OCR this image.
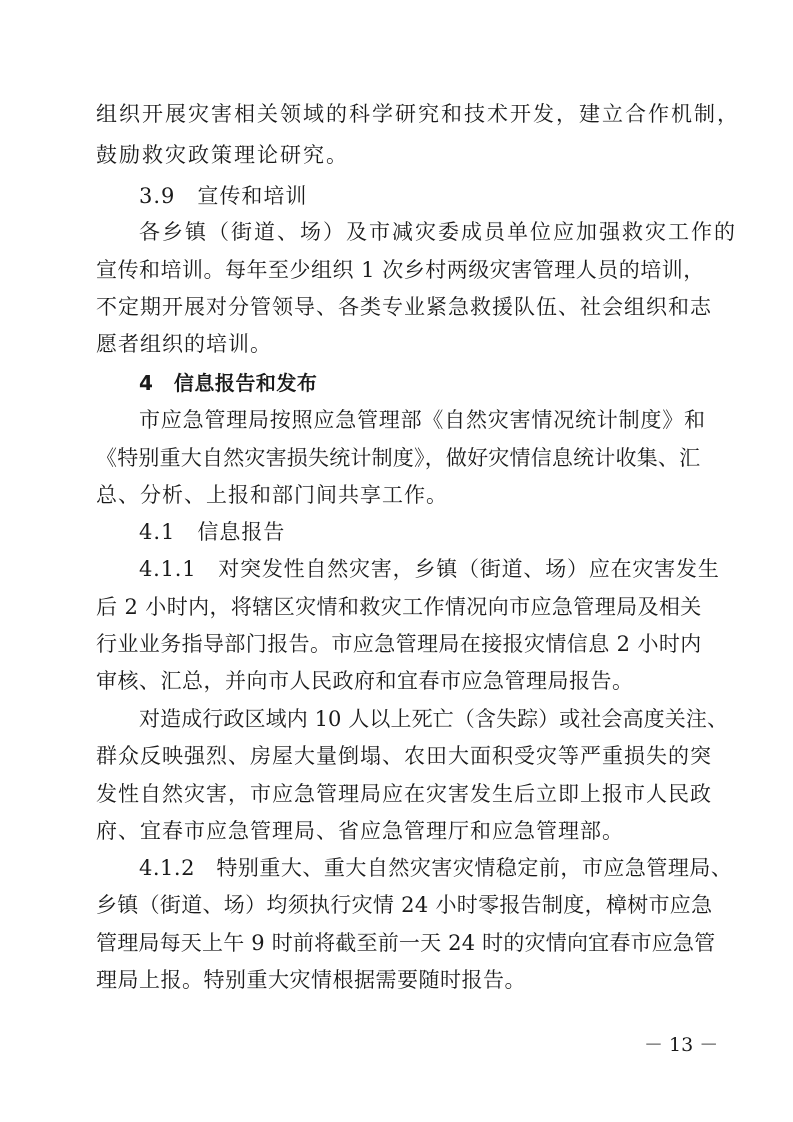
组织开展灾害相关领域的科学研究和技术开发，建立合作机制，
鼓励救灾政策理论研究。
3.9　宣传和培训
各乡镇（街道、场）及市减灾委成员单位应加强救灾工作的
宣传和培训。每年至少组织 1 次乡村两级灾害管理人员的培训，
不定期开展对分管领导、各类专业紧急救援队伍、社会组织和志
愿者组织的培训。
4　信息报告和发布
市应急管理局按照应急管理部《自然灾害情况统计制度》和
《特别重大自然灾害损失统计制度》，做好灾情信息统计收集、汇
总、分析、上报和部门间共享工作。
4.1　信息报告
4.1.1　对突发性自然灾害，乡镇（街道、场）应在灾害发生
后 2 小时内，将辖区灾情和救灾工作情况向市应急管理局及相关
行业业务指导部门报告。市应急管理局在接报灾情信息 2 小时内
审核、汇总，并向市人民政府和宜春市应急管理局报告。
对造成行政区域内 10 人以上死亡（含失踪）或社会高度关注、
群众反映强烈、房屋大量倒塌、农田大面积受灾等严重损失的突
发性自然灾害，市应急管理局应在灾害发生后立即上报市人民政
府、宜春市应急管理局、省应急管理厅和应急管理部。
4.1.2　特别重大、重大自然灾害灾情稳定前，市应急管理局、
乡镇（街道、场）均须执行灾情 24 小时零报告制度，樟树市应急
管理局每天上午 9 时前将截至前一天 24 时的灾情向宜春市应急管
理局上报。特别重大灾情根据需要随时报告。
－ 13 －
